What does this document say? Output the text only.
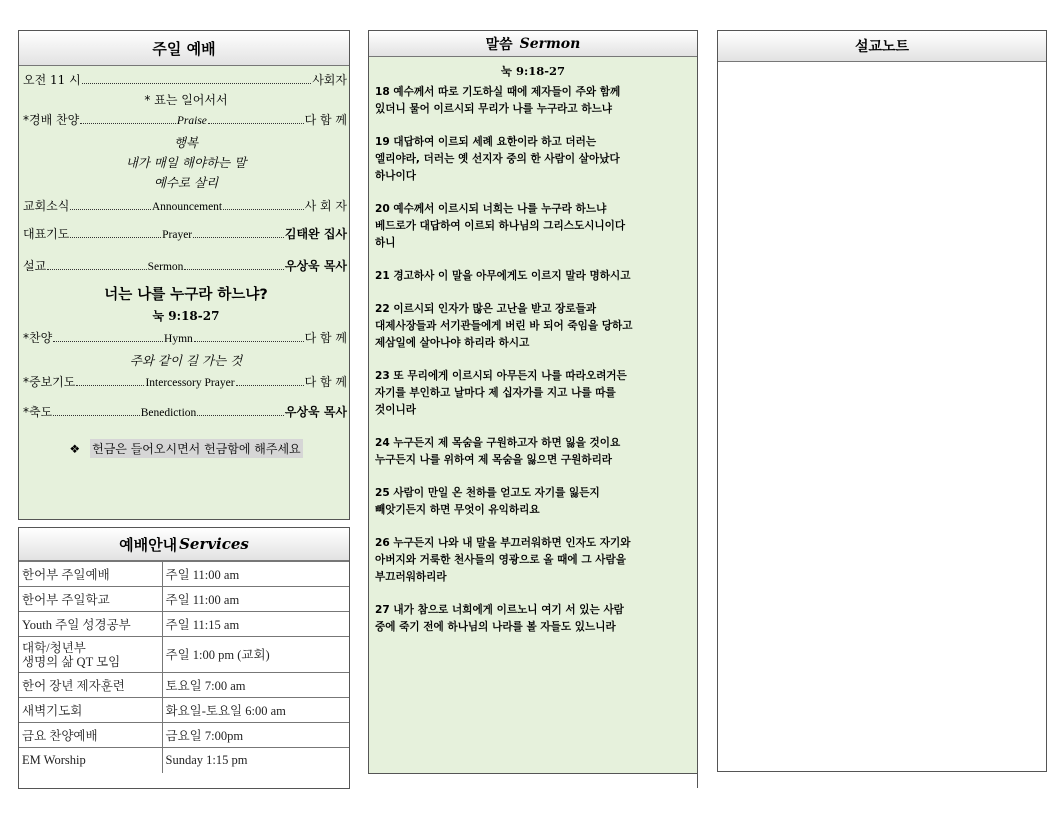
주일 예배
오전 11 시	사회자
* 표는 일어서서
*경배 찬양	Praise	다 함 께
행복
내가 매일 해야하는 말
예수로 살리
교회소식	Announcement	사 회 자
대표기도	Prayer	김태완 집사
설교	Sermon	우상욱 목사
너는 나를 누구라 하느냐?
눅 9:18-27
*찬양	Hymn	다 함 께
주와 같이 길 가는 것
*중보기도	Intercessory Prayer	다 함 께
*축도	Benediction	우상욱 목사
❖ 헌금은 들어오시면서 헌금함에 해주세요
예배안내 Services
한어부 주일예배	주일 11:00 am
한어부 주일학교	주일 11:00 am
Youth 주일 성경공부	주일 11:15 am

대학/청년부
생명의 삶 QT 모임	주일 1:00 pm (교회)
한어 장년 제자훈련	토요일 7:00 am
새벽기도회	화요일-토요일 6:00 am
금요 찬양예배	금요일 7:00pm
EM Worship	Sunday 1:15 pm
말씀
Sermon
눅 9:18-27
18 예수께서 따로 기도하실 때에 제자들이 주와 함께
있더니 물어 이르시되 무리가 나를 누구라고 하느냐
19 대답하여 이르되 세례 요한이라 하고 더러는
엘리야라, 더러는 옛 선지자 중의 한 사람이 살아났다
하나이다
20 예수께서 이르시되 너희는 나를 누구라 하느냐
베드로가 대답하여 이르되 하나님의 그리스도시니이다
하니
21 경고하사 이 말을 아무에게도 이르지 말라 명하시고
22 이르시되 인자가 많은 고난을 받고 장로들과
대제사장들과 서기관들에게 버린 바 되어 죽임을 당하고
제삼일에 살아나야 하리라 하시고
23 또 무리에게 이르시되 아무든지 나를 따라오려거든
자기를 부인하고 날마다 제 십자가를 지고 나를 따를
것이니라
24 누구든지 제 목숨을 구원하고자 하면 잃을 것이요
누구든지 나를 위하여 제 목숨을 잃으면 구원하리라
25 사람이 만일 온 천하를 얻고도 자기를 잃든지
빼앗기든지 하면 무엇이 유익하리요
26 누구든지 나와 내 말을 부끄러워하면 인자도 자기와
아버지와 거룩한 천사들의 영광으로 올 때에 그 사람을
부끄러워하리라
27 내가 참으로 너희에게 이르노니 여기 서 있는 사람
중에 죽기 전에 하나님의 나라를 볼 자들도 있느니라
설교노트
